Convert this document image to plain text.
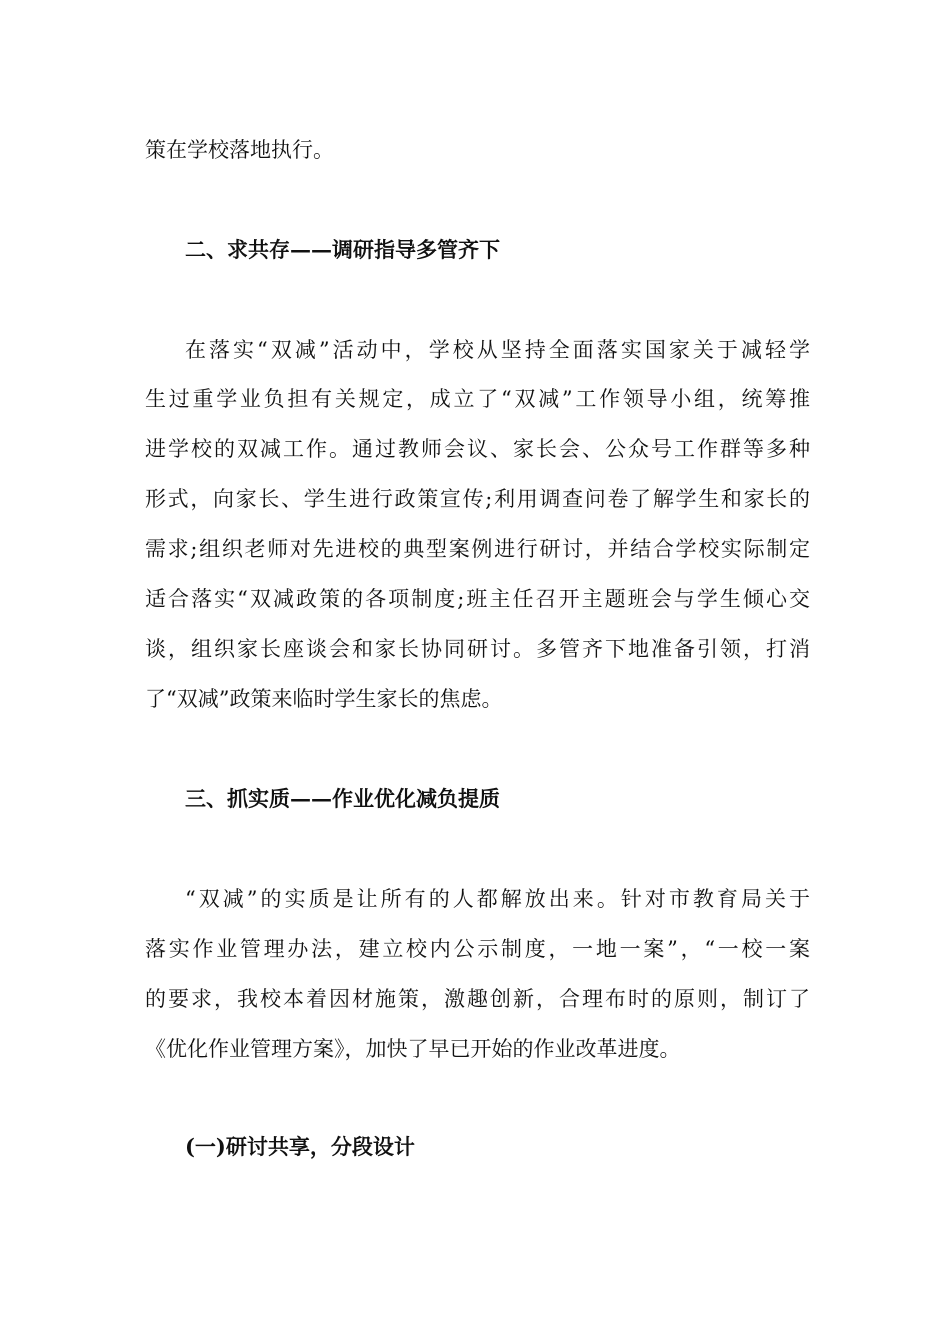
策在学校落地执行。
二、求共存——调研指导多管齐下
在落实“双减”活动中，学校从坚持全面落实国家关于减轻学
生过重学业负担有关规定，成立了“双减”工作领导小组，统筹推
进学校的双减工作。通过教师会议、家长会、公众号工作群等多种
形式，向家长、学生进行政策宣传;利用调查问卷了解学生和家长的
需求;组织老师对先进校的典型案例进行研讨，并结合学校实际制定
适合落实“双减政策的各项制度;班主任召开主题班会与学生倾心交
谈，组织家长座谈会和家长协同研讨。多管齐下地准备引领，打消
了“双减”政策来临时学生家长的焦虑。
三、抓实质——作业优化减负提质
“双减”的实质是让所有的人都解放出来。针对市教育局关于
落实作业管理办法，建立校内公示制度，一地一案”，“一校一案
的要求，我校本着因材施策，激趣创新，合理布时的原则，制订了
《优化作业管理方案》，加快了早已开始的作业改革进度。
(一)研讨共享，分段设计
